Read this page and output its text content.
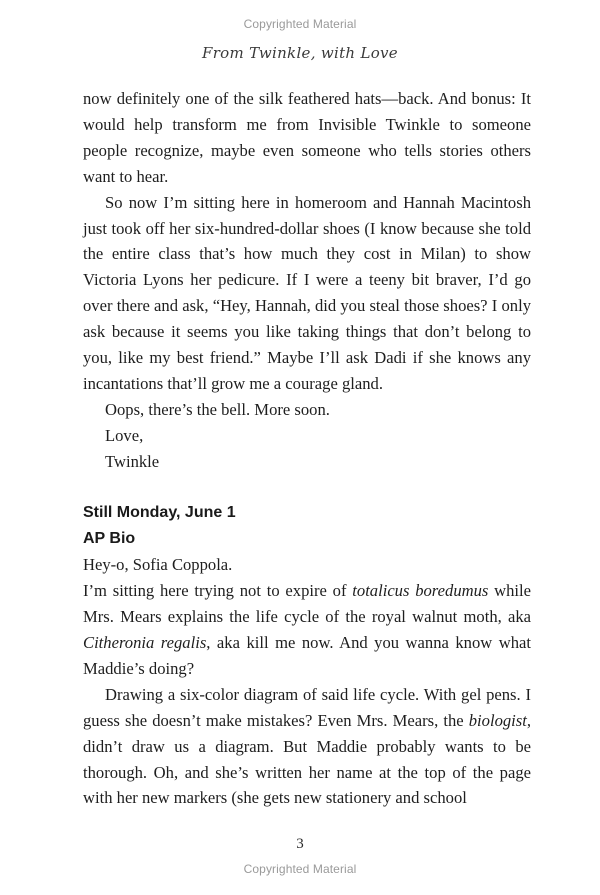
Copyrighted Material
From Twinkle, with Love

now definitely one of the silk feathered hats—back. And bonus: It would help transform me from Invisible Twinkle to someone people recognize, maybe even someone who tells stories others want to hear.

So now I’m sitting here in homeroom and Hannah Macintosh just took off her six-hundred-dollar shoes (I know because she told the entire class that’s how much they cost in Milan) to show Victoria Lyons her pedicure. If I were a teeny bit braver, I’d go over there and ask, “Hey, Hannah, did you steal those shoes? I only ask because it seems you like taking things that don’t belong to you, like my best friend.” Maybe I’ll ask Dadi if she knows any incantations that’ll grow me a courage gland.

Oops, there’s the bell. More soon.

Love,

Twinkle

Still Monday, June 1
AP Bio

Hey-o, Sofia Coppola.

I’m sitting here trying not to expire of totalicus boredumus while Mrs. Mears explains the life cycle of the royal walnut moth, aka Citheronia regalis, aka kill me now. And you wanna know what Maddie’s doing?

Drawing a six-color diagram of said life cycle. With gel pens. I guess she doesn’t make mistakes? Even Mrs. Mears, the biologist, didn’t draw us a diagram. But Maddie probably wants to be thorough. Oh, and she’s written her name at the top of the page with her new markers (she gets new stationery and school

3
Copyrighted Material
